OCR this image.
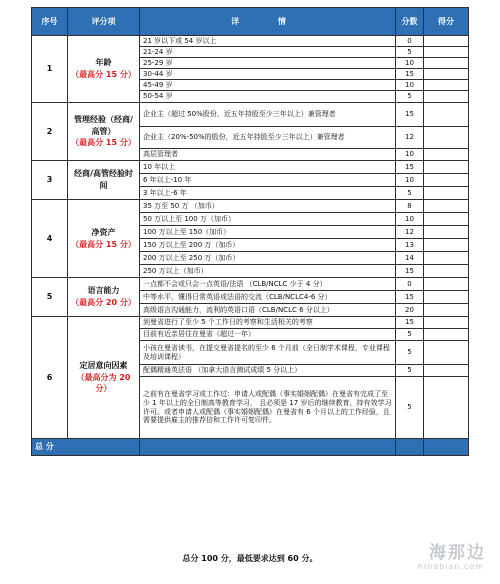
序号	评分项	详 情	分数	得分
1	年龄
（最高分 15 分）	21 岁以下或 54 岁以上	0	
		21-24 岁	5	
		25-29 岁	10	
		30-44 岁	15	
		45-49 岁	10	
		50-54 岁	5	
2	管理经验（经商/高管）
（最高分 15 分）	企业主（超过 50%股份，近五年持股至少三年以上）兼管理者	15	
		企业主（20%-50%的股份，近五年持股至少三年以上）兼管理者	12	
		高层管理者	10	
3	经商/高管经验时间	10 年以上	15	
		6 年以上-10 年	10	
		3 年以上-6 年	5	
4	净资产
（最高分 15 分）	35 万至 50 万 （加币）	8	
		50 万以上至 100 万（加币）	10	
		100 万以上至 150（加币）	12	
		150 万以上至 200 万（加币）	13	
		200 万以上至 250 万（加币）	14	
		250 万以上（加币）	15	
5	语言能力
（最高分 20 分）	一点都不会或只会一点英语/法语 （CLB/NCLC 少于 4 分）	0	
		中等水平，懂得日常英语或法语的交流（CLB/NCLC4-6 分）	15	
		高级语言沟通能力，流利的英语口语（CLB/NCLC 6 分以上）	20	
6	定居意向因素
（最高分为 20 分）	到曼省进行了至少 5 个工作日的考察和生活相关的考察	15	
		目前有近亲居住在曼省（超过一年）	5	
		小孩在曼省读书，在提交曼省提名的至少 6 个月前（全日制学术课程，专业课程及培训课程）	5	
		配偶精通英法语 （加拿大语言测试成绩 5 分以上）	5	
		之前有在曼省学习或工作过：申请人或配偶（事实婚姻配偶）在曼省有完成了至少 1 年以上的全日制高等教育学习， 且必须是 17 岁后的继续教育，持有效学习许可。或者申请人或配偶（事实婚姻配偶）在曼省有 6 个月以上的工作经验，且需要提供雇主的推荐信和工作许可复印件。	5	
总 分				
总分 100 分，最低要求达到 60 分。	海那边
hinabian.com
